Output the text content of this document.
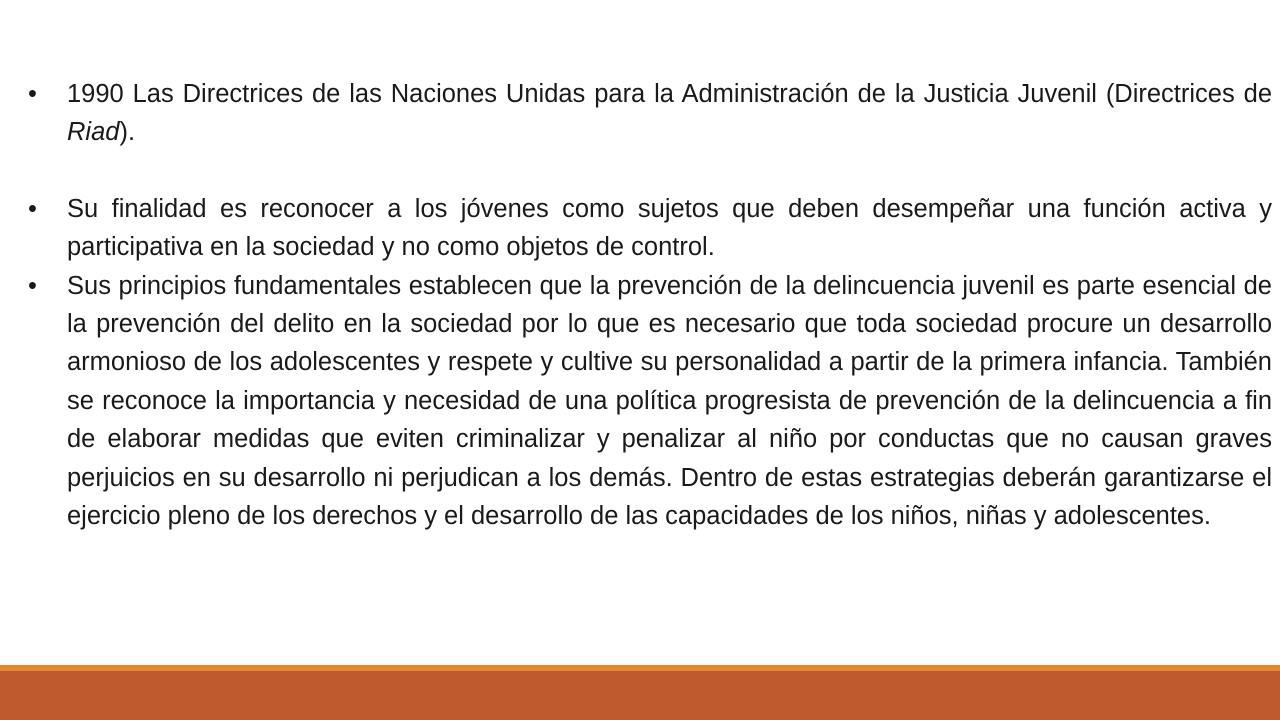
•	1990 Las Directrices de las Naciones Unidas para la Administración de la Justicia Juvenil (Directrices de Riad).
•	Su finalidad es reconocer a los jóvenes como sujetos que deben desempeñar una función activa y participativa en la sociedad y no como objetos de control.
•	Sus principios fundamentales establecen que la prevención de la delincuencia juvenil es parte esencial de la prevención del delito en la sociedad por lo que es necesario que toda sociedad procure un desarrollo armonioso de los adolescentes y respete y cultive su personalidad a partir de la primera infancia. También se reconoce la importancia y necesidad de una política progresista de prevención de la delincuencia a fin de elaborar medidas que eviten criminalizar y penalizar al niño por conductas que no causan graves perjuicios en su desarrollo ni perjudican a los demás. Dentro de estas estrategias deberán garantizarse el ejercicio pleno de los derechos y el desarrollo de las capacidades de los niños, niñas y adolescentes.
